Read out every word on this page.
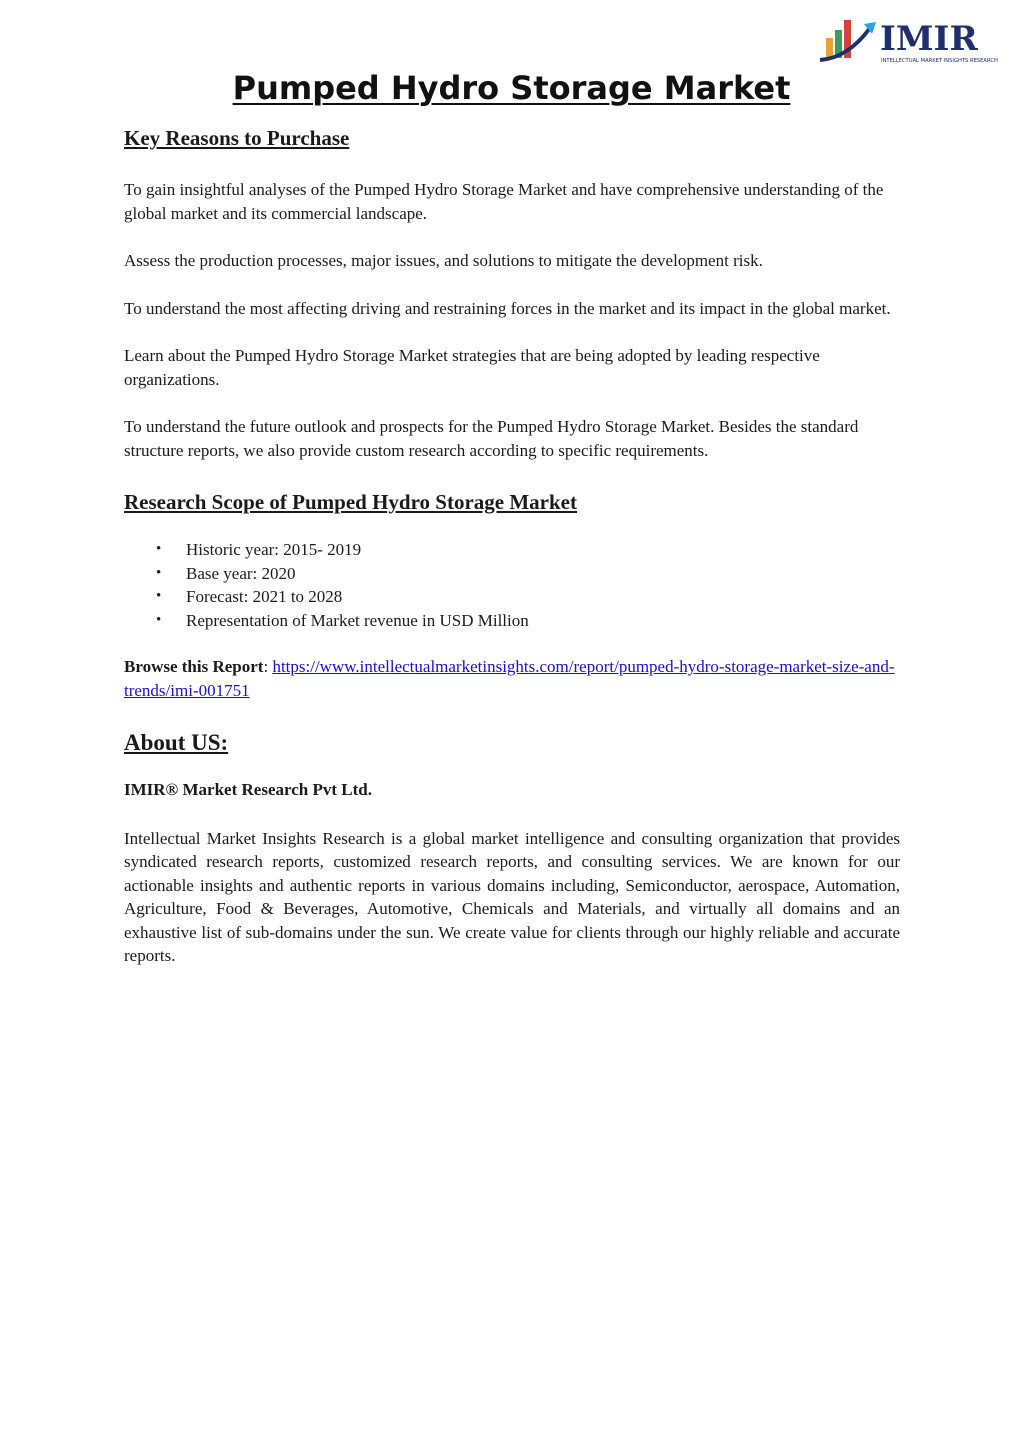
IMIR
INTELLECTUAL MARKET INSIGHTS RESEARCH
Pumped Hydro Storage Market
Key Reasons to Purchase

To gain insightful analyses of the Pumped Hydro Storage Market and have comprehensive understanding of the global market and its commercial landscape.

Assess the production processes, major issues, and solutions to mitigate the development risk.

To understand the most affecting driving and restraining forces in the market and its impact in the global market.

Learn about the Pumped Hydro Storage Market strategies that are being adopted by leading respective organizations.

To understand the future outlook and prospects for the Pumped Hydro Storage Market. Besides the standard structure reports, we also provide custom research according to specific requirements.

Research Scope of Pumped Hydro Storage Market
• Historic year: 2015- 2019
• Base year: 2020
• Forecast: 2021 to 2028
• Representation of Market revenue in USD Million

Browse this Report: https://www.intellectualmarketinsights.com/report/pumped-hydro-storage-market-size-and-trends/imi-001751

About US:

IMIR® Market Research Pvt Ltd.

Intellectual Market Insights Research is a global market intelligence and consulting organization that provides syndicated research reports, customized research reports, and consulting services. We are known for our actionable insights and authentic reports in various domains including, Semiconductor, aerospace, Automation, Agriculture, Food & Beverages, Automotive, Chemicals and Materials, and virtually all domains and an exhaustive list of sub-domains under the sun. We create value for clients through our highly reliable and accurate reports.
